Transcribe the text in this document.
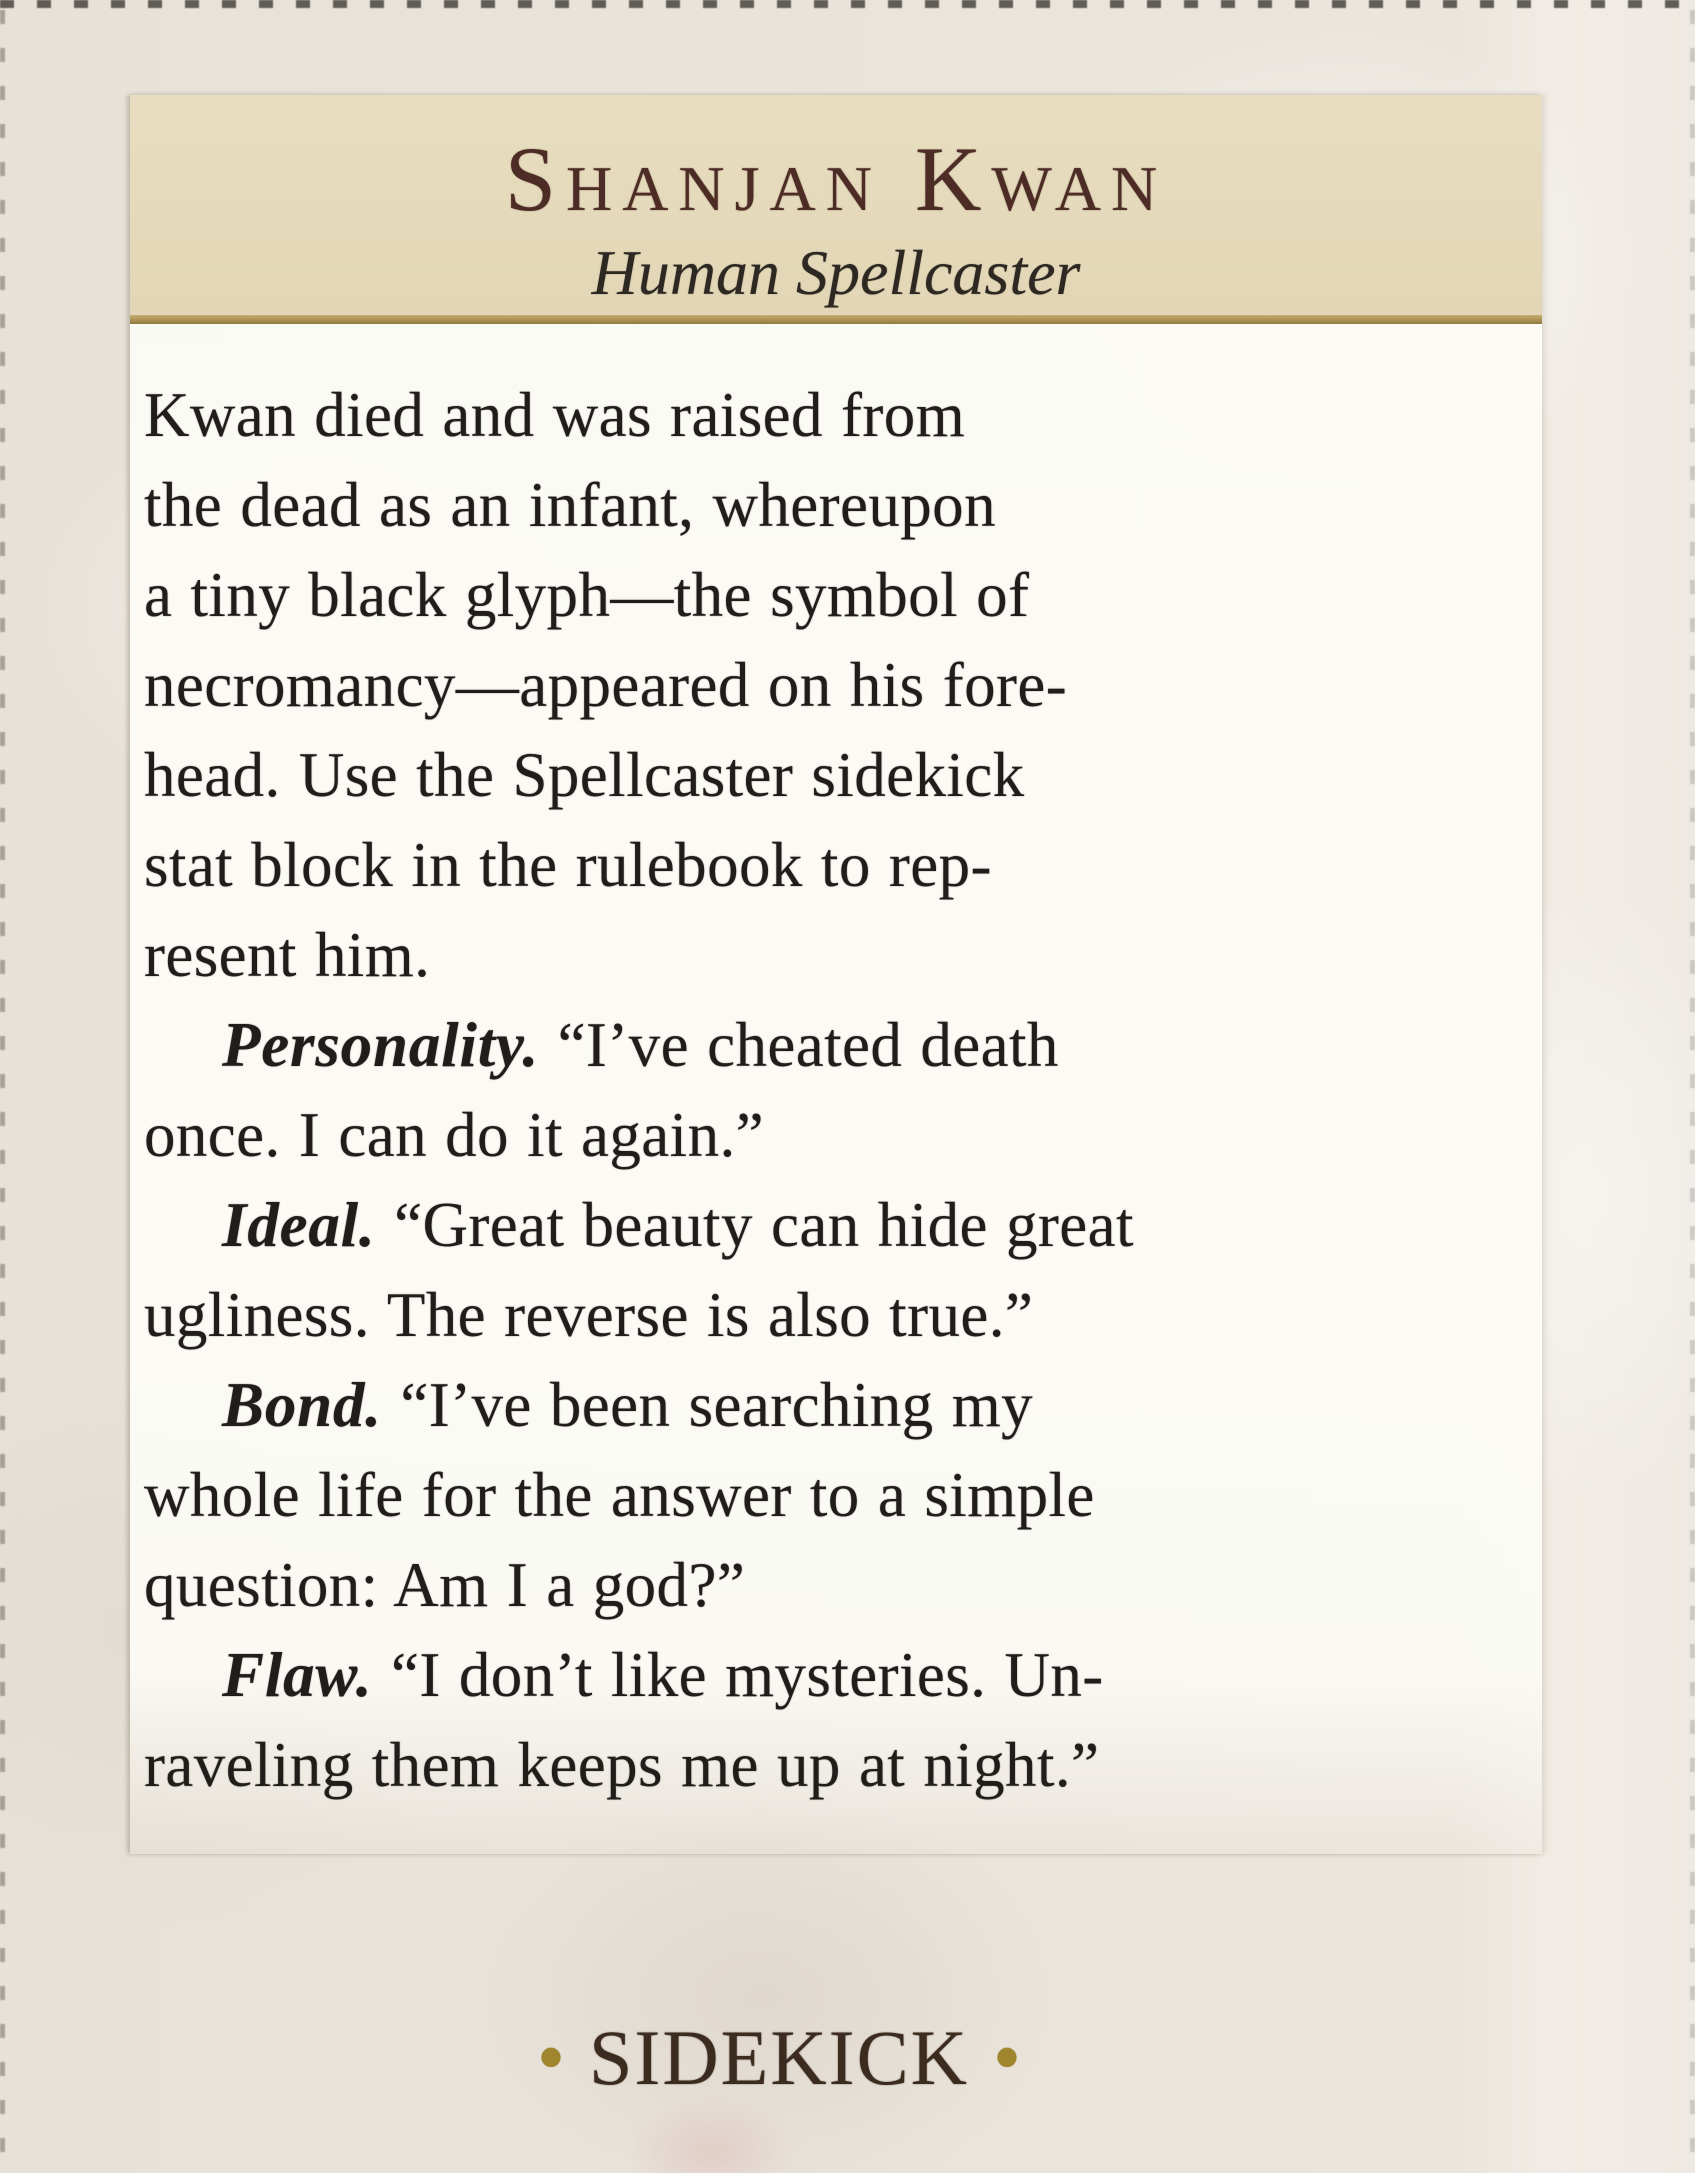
Shanjan Kwan
Human Spellcaster
Kwan died and was raised from
the dead as an infant, whereupon
a tiny black glyph—the symbol of
necromancy—appeared on his fore-
head. Use the Spellcaster sidekick
stat block in the rulebook to rep-
resent him.
Personality. “I’ve cheated death
once. I can do it again.”
Ideal. “Great beauty can hide great
ugliness. The reverse is also true.”
Bond. “I’ve been searching my
whole life for the answer to a simple
question: Am I a god?”
Flaw. “I don’t like mysteries. Un-
raveling them keeps me up at night.”
• SIDEKICK •
